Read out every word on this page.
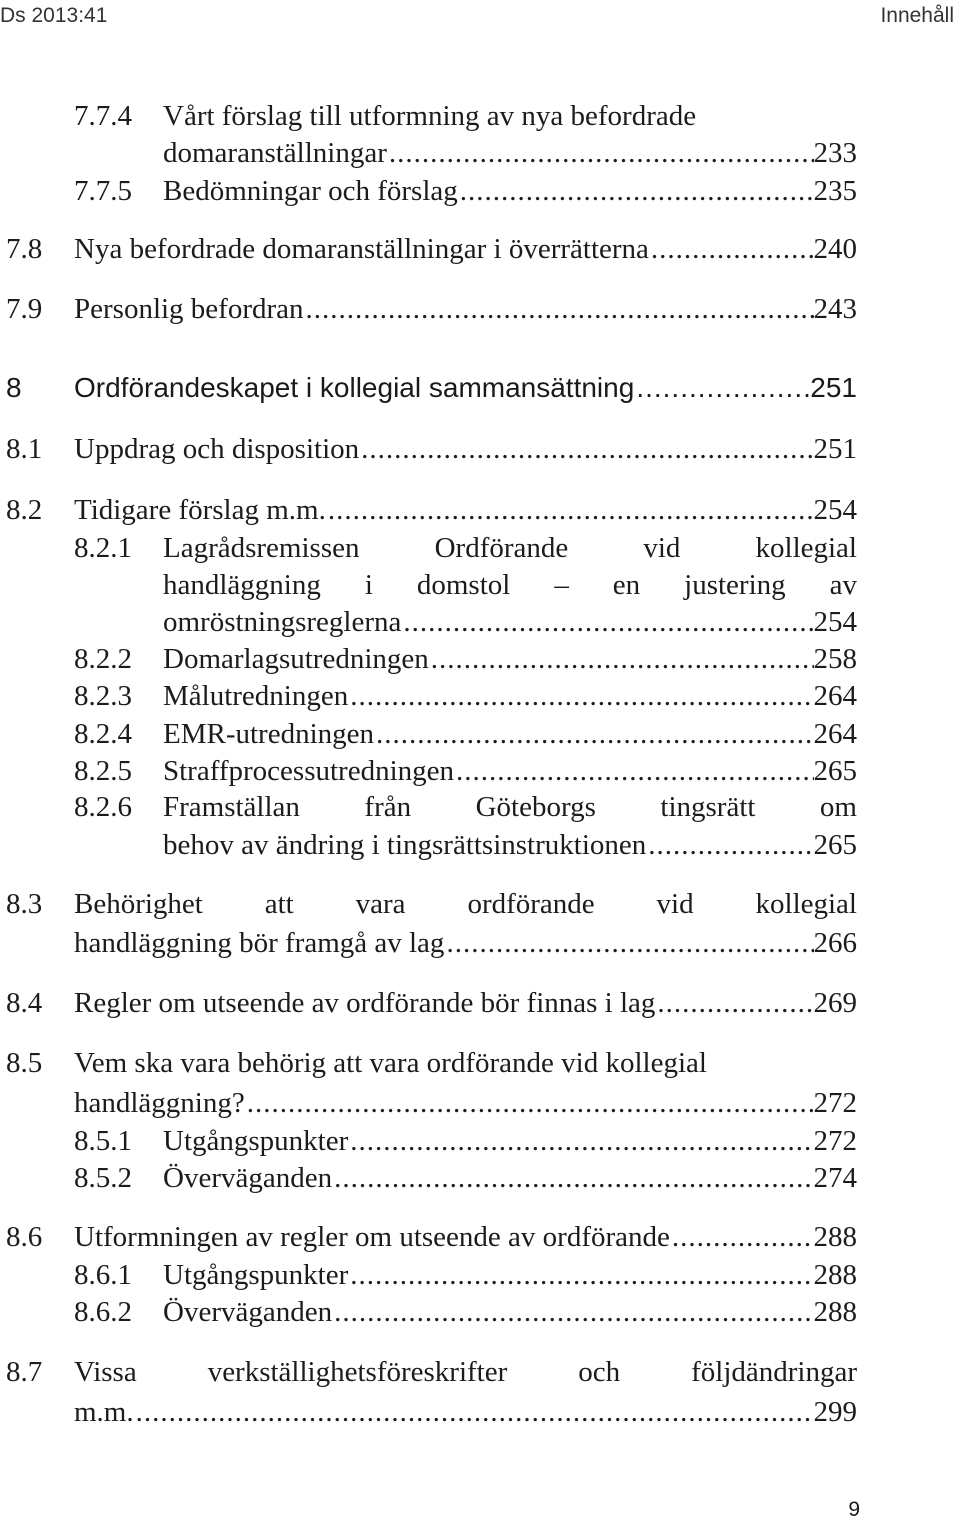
Ds 2013:41	Innehåll
7.7.4 Vårt förslag till utformning av nya befordrade
domaranställningar .....	233
7.7.5 Bedömningar och förslag .....	235
7.8 Nya befordrade domaranställningar i överrätterna .....	240
7.9 Personlig befordran .....	243
8 Ordförandeskapet i kollegial sammansättning .....	251
8.1 Uppdrag och disposition .....	251
8.2 Tidigare förslag m.m. .....	254
8.2.1 Lagrådsremissen Ordförande vid kollegial
handläggning i domstol – en justering av
omröstningsreglerna .....	254
8.2.2 Domarlagsutredningen .....	258
8.2.3 Målutredningen .....	264
8.2.4 EMR-utredningen .....	264
8.2.5 Straffprocessutredningen .....	265
8.2.6 Framställan från Göteborgs tingsrätt om
behov av ändring i tingsrättsinstruktionen .....	265
8.3 Behörighet att vara ordförande vid kollegial
handläggning bör framgå av lag .....	266
8.4 Regler om utseende av ordförande bör finnas i lag .....	269
8.5 Vem ska vara behörig att vara ordförande vid kollegial
handläggning? .....	272
8.5.1 Utgångspunkter .....	272
8.5.2 Överväganden .....	274
8.6 Utformningen av regler om utseende av ordförande .....	288
8.6.1 Utgångspunkter .....	288
8.6.2 Överväganden .....	288
8.7 Vissa verkställighetsföreskrifter och följdändringar
m.m. .....	299
9
